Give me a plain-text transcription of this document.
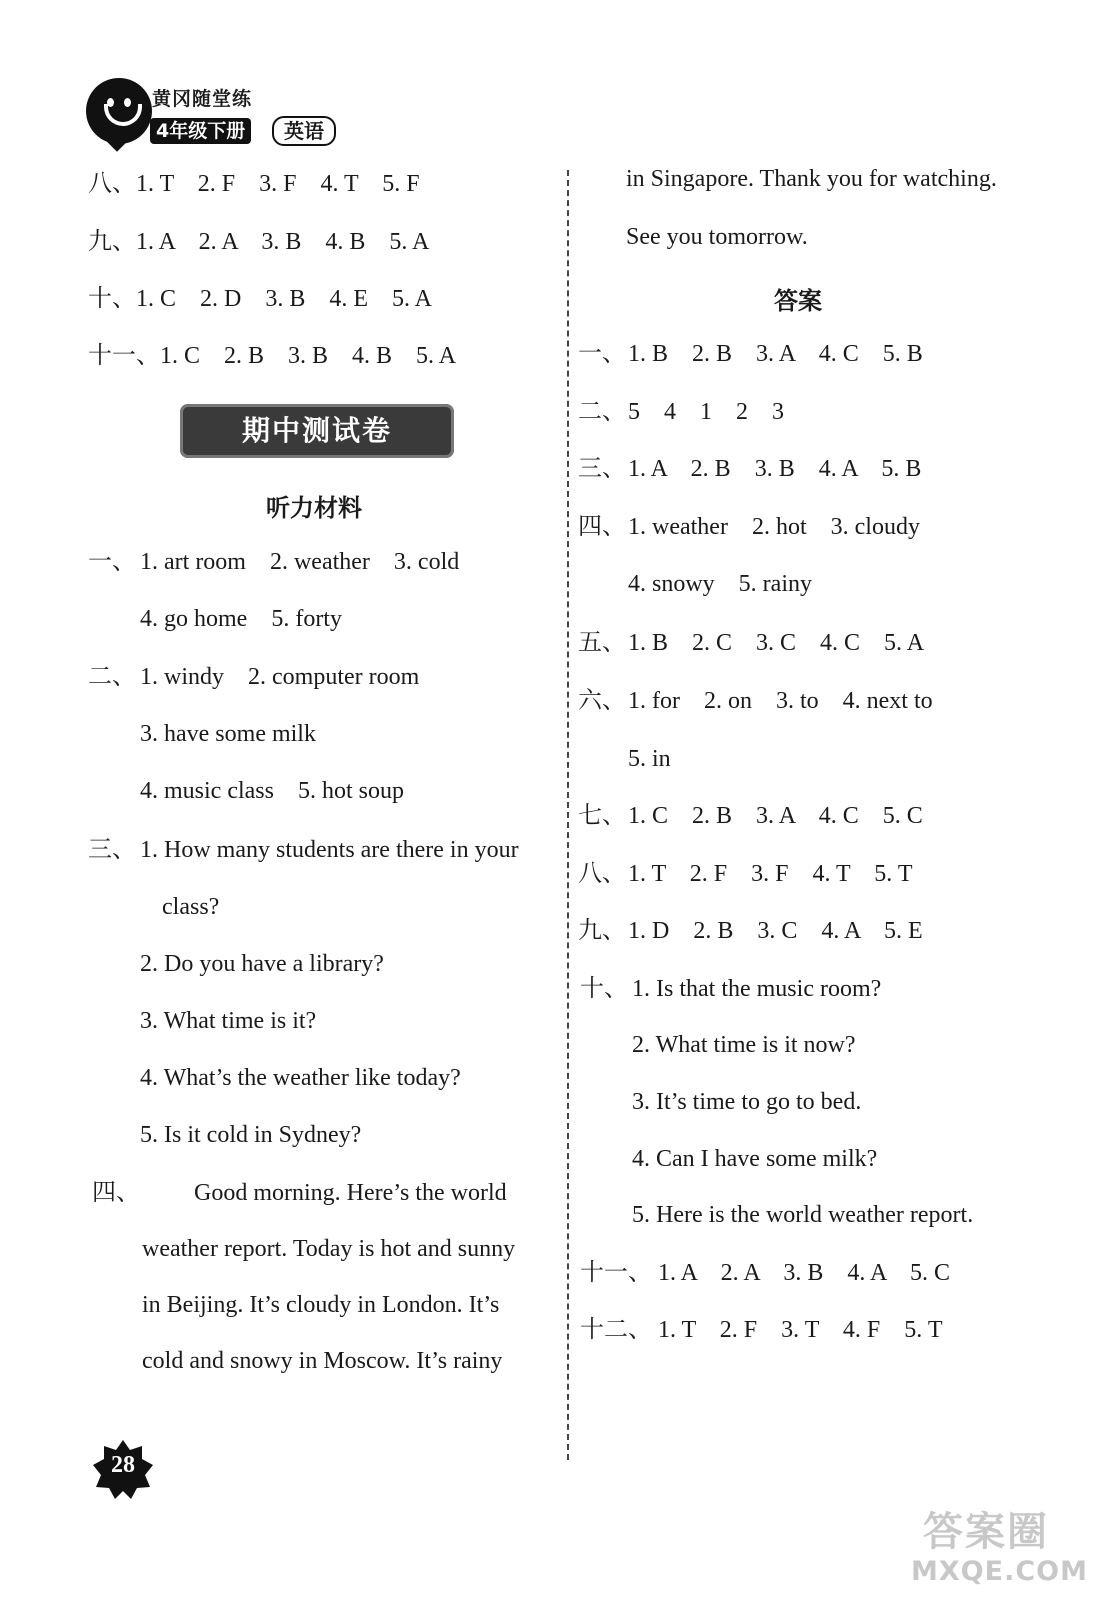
黄冈随堂练
4年级下册	英语
八、1. T    2. F    3. F    4. T    5. F
九、1. A    2. A    3. B    4. B    5. A
十、1. C    2. D    3. B    4. E    5. A
十一、1. C    2. B    3. B    4. B    5. A
期中测试卷
听力材料
一、 1. art room    2. weather    3. cold
4. go home    5. forty
二、 1. windy    2. computer room
3. have some milk
4. music class    5. hot soup
三、 1. How many students are there in your
class?
2. Do you have a library?
3. What time is it?
4. What’s the weather like today?
5. Is it cold in Sydney?
四、 Good morning. Here’s the world
weather report. Today is hot and sunny
in Beijing. It’s cloudy in London. It’s
cold and snowy in Moscow. It’s rainy
in Singapore. Thank you for watching.
See you tomorrow.
答案
一、1. B    2. B    3. A    4. C    5. B
二、5    4    1    2    3
三、1. A    2. B    3. B    4. A    5. B
四、1. weather    2. hot    3. cloudy
4. snowy    5. rainy
五、1. B    2. C    3. C    4. C    5. A
六、1. for    2. on    3. to    4. next to
5. in
七、1. C    2. B    3. A    4. C    5. C
八、1. T    2. F    3. F    4. T    5. T
九、1. D    2. B    3. C    4. A    5. E
十、 1. Is that the music room?
2. What time is it now?
3. It’s time to go to bed.
4. Can I have some milk?
5. Here is the world weather report.
十一、 1. A    2. A    3. B    4. A    5. C
十二、 1. T    2. F    3. T    4. F    5. T
28
答案圈
MXQE.COM
